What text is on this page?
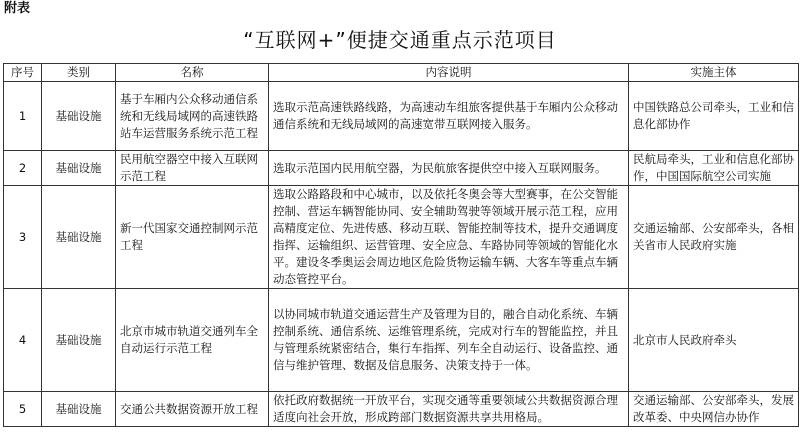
附表
“互联网+”便捷交通重点示范项目
序号	类别	名称	内容说明	实施主体
1	基础设施	基于车厢内公众移动通信系统和无线局域网的高速铁路站车运营服务系统示范工程	选取示范高速铁路线路，为高速动车组旅客提供基于车厢内公众移动通信系统和无线局域网的高速宽带互联网接入服务。	中国铁路总公司牵头，工业和信息化部协作
2	基础设施	民用航空器空中接入互联网示范工程	选取示范国内民用航空器，为民航旅客提供空中接入互联网服务。	民航局牵头，工业和信息化部协作，中国国际航空公司实施
3	基础设施	新一代国家交通控制网示范工程	选取公路路段和中心城市，以及依托冬奥会等大型赛事，在公交智能控制、营运车辆智能协同、安全辅助驾驶等领域开展示范工程，应用高精度定位、先进传感、移动互联、智能控制等技术，提升交通调度指挥、运输组织、运营管理、安全应急、车路协同等领域的智能化水平。建设冬季奥运会周边地区危险货物运输车辆、大客车等重点车辆动态管控平台。	交通运输部、公安部牵头，各相关省市人民政府实施
4	基础设施	北京市城市轨道交通列车全自动运行示范工程	以协同城市轨道交通运营生产及管理为目的，融合自动化系统、车辆控制系统、通信系统、运维管理系统，完成对行车的智能监控，并且与管理系统紧密结合，集行车指挥、列车全自动运行、设备监控、通信与维护管理、数据及信息服务、决策支持于一体。	北京市人民政府牵头
5	基础设施	交通公共数据资源开放工程	依托政府数据统一开放平台，实现交通等重要领域公共数据资源合理适度向社会开放，形成跨部门数据资源共享共用格局。	交通运输部、公安部牵头，发展改革委、中央网信办协作
